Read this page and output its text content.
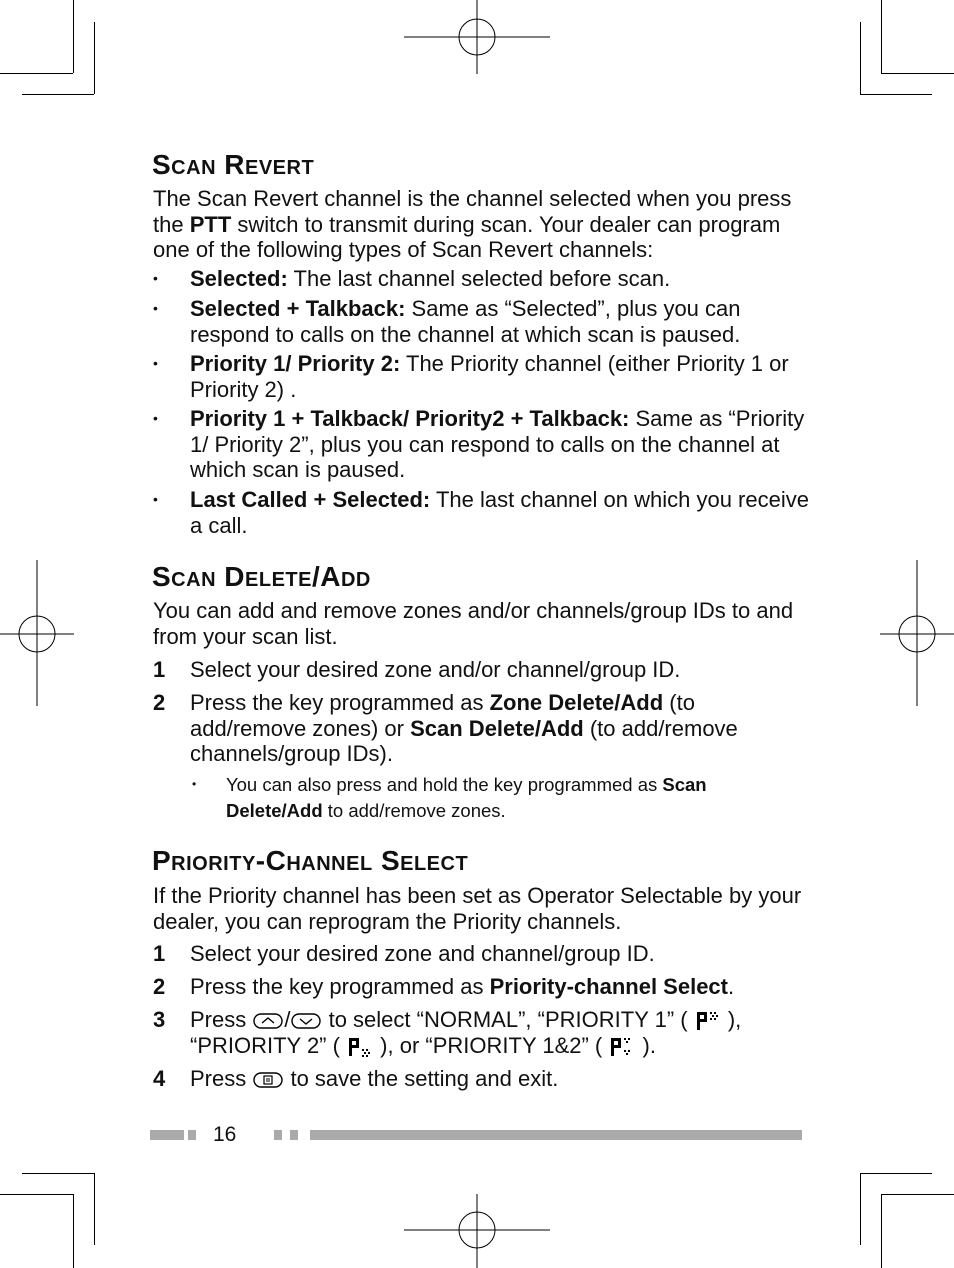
Scan Revert
The Scan Revert channel is the channel selected when you press the PTT switch to transmit during scan. Your dealer can program one of the following types of Scan Revert channels:
•	Selected: The last channel selected before scan.
•	Selected + Talkback: Same as “Selected”, plus you can respond to calls on the channel at which scan is paused.
•	Priority 1/ Priority 2: The Priority channel (either Priority 1 or Priority 2) .
•	Priority 1 + Talkback/ Priority2 + Talkback: Same as “Priority 1/ Priority 2”, plus you can respond to calls on the channel at which scan is paused.
•	Last Called + Selected: The last channel on which you receive a call.
Scan Delete/Add
You can add and remove zones and/or channels/group IDs to and from your scan list.
1 Select your desired zone and/or channel/group ID.
2 Press the key programmed as Zone Delete/Add (to add/remove zones) or Scan Delete/Add (to add/remove channels/group IDs).
• You can also press and hold the key programmed as Scan Delete/Add to add/remove zones.
Priority-Channel Select
If the Priority channel has been set as Operator Selectable by your dealer, you can reprogram the Priority channels.
1 Select your desired zone and channel/group ID.
2 Press the key programmed as Priority-channel Select.
3 Press / to select “NORMAL”, “PRIORITY 1” (  ),
“PRIORITY 2” (  ), or “PRIORITY 1&2” (  ).
4 Press  to save the setting and exit.
16
